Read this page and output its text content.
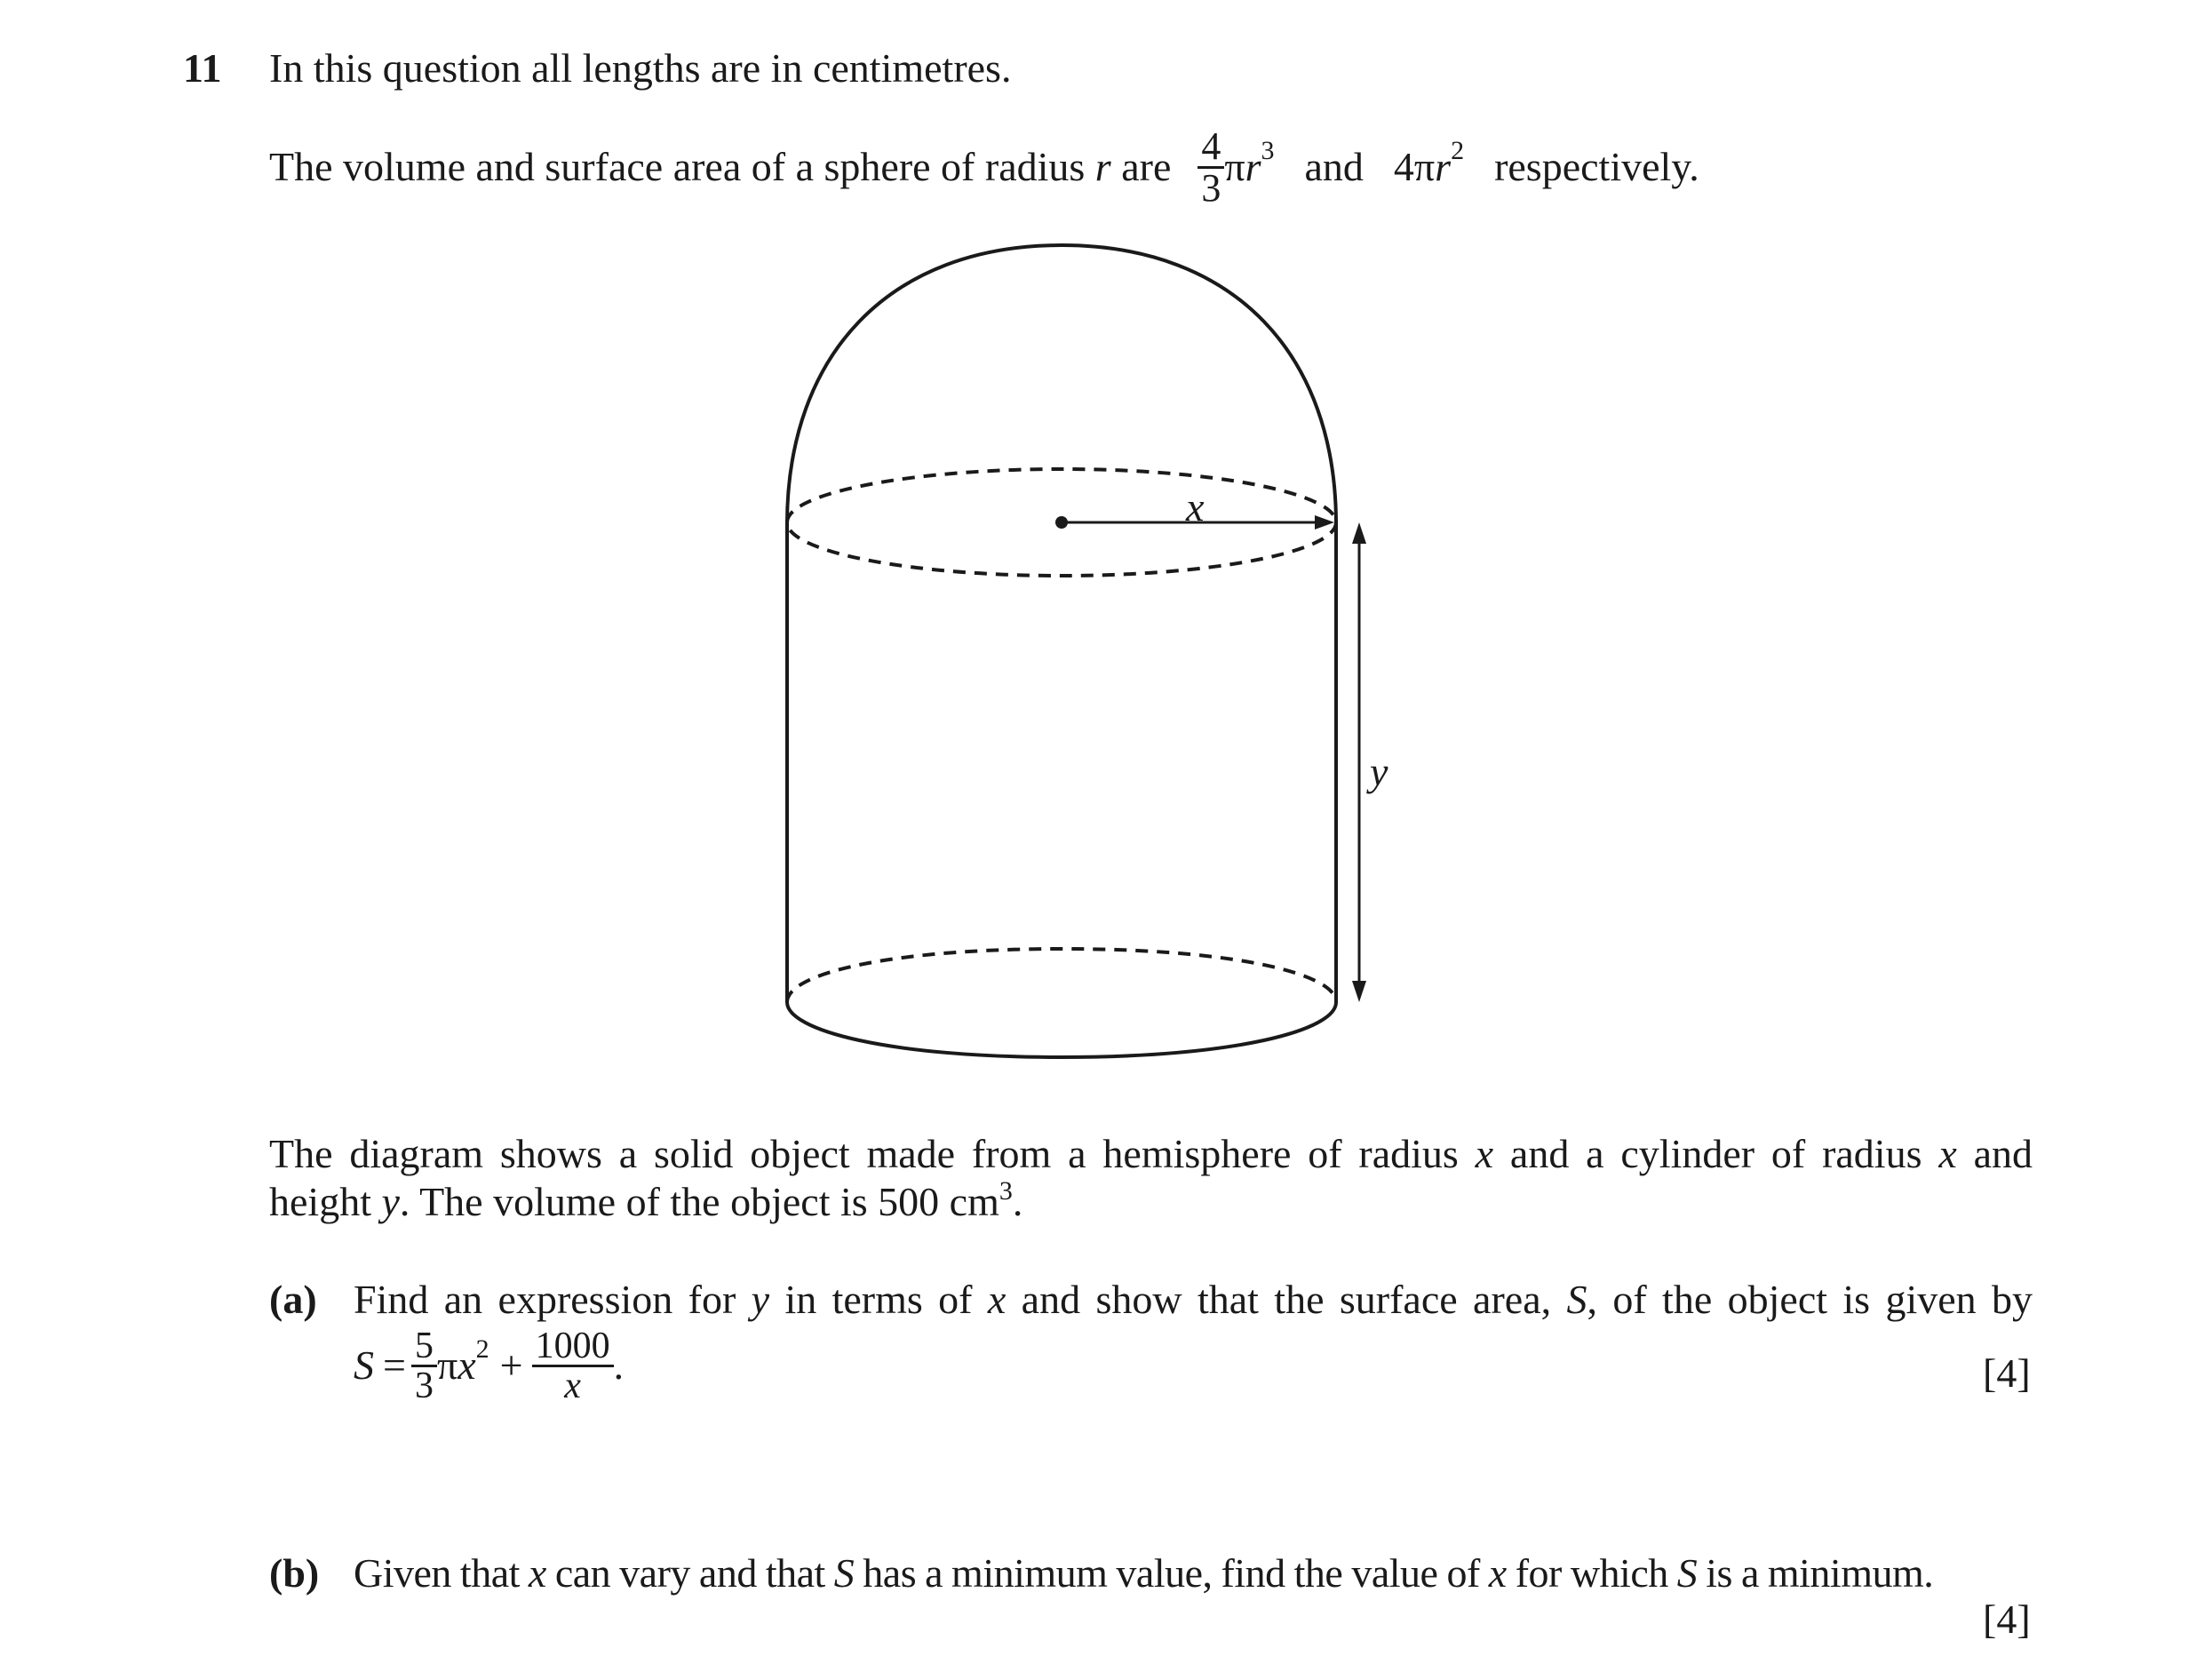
11 In this question all lengths are in centimetres.
The volume and surface area of a sphere of radius
r
are $\frac{4}{3}$ π $r^3$ and 4π $r^2$ respectively.
x
y
The diagram shows a solid object made from a hemisphere of radius x and a cylinder of radius x and
height y. The volume of the object is 500 $cm^3$.
(a) Find an expression for y in terms of x and show that the surface area, S, of the object is given by
$S = \frac{5}{3}$ π $x^2 + \frac{1000}{x}$ .	[4]
(b) Given that x can vary and that S has a minimum value, find the value of x for which S is a minimum.
[4]
